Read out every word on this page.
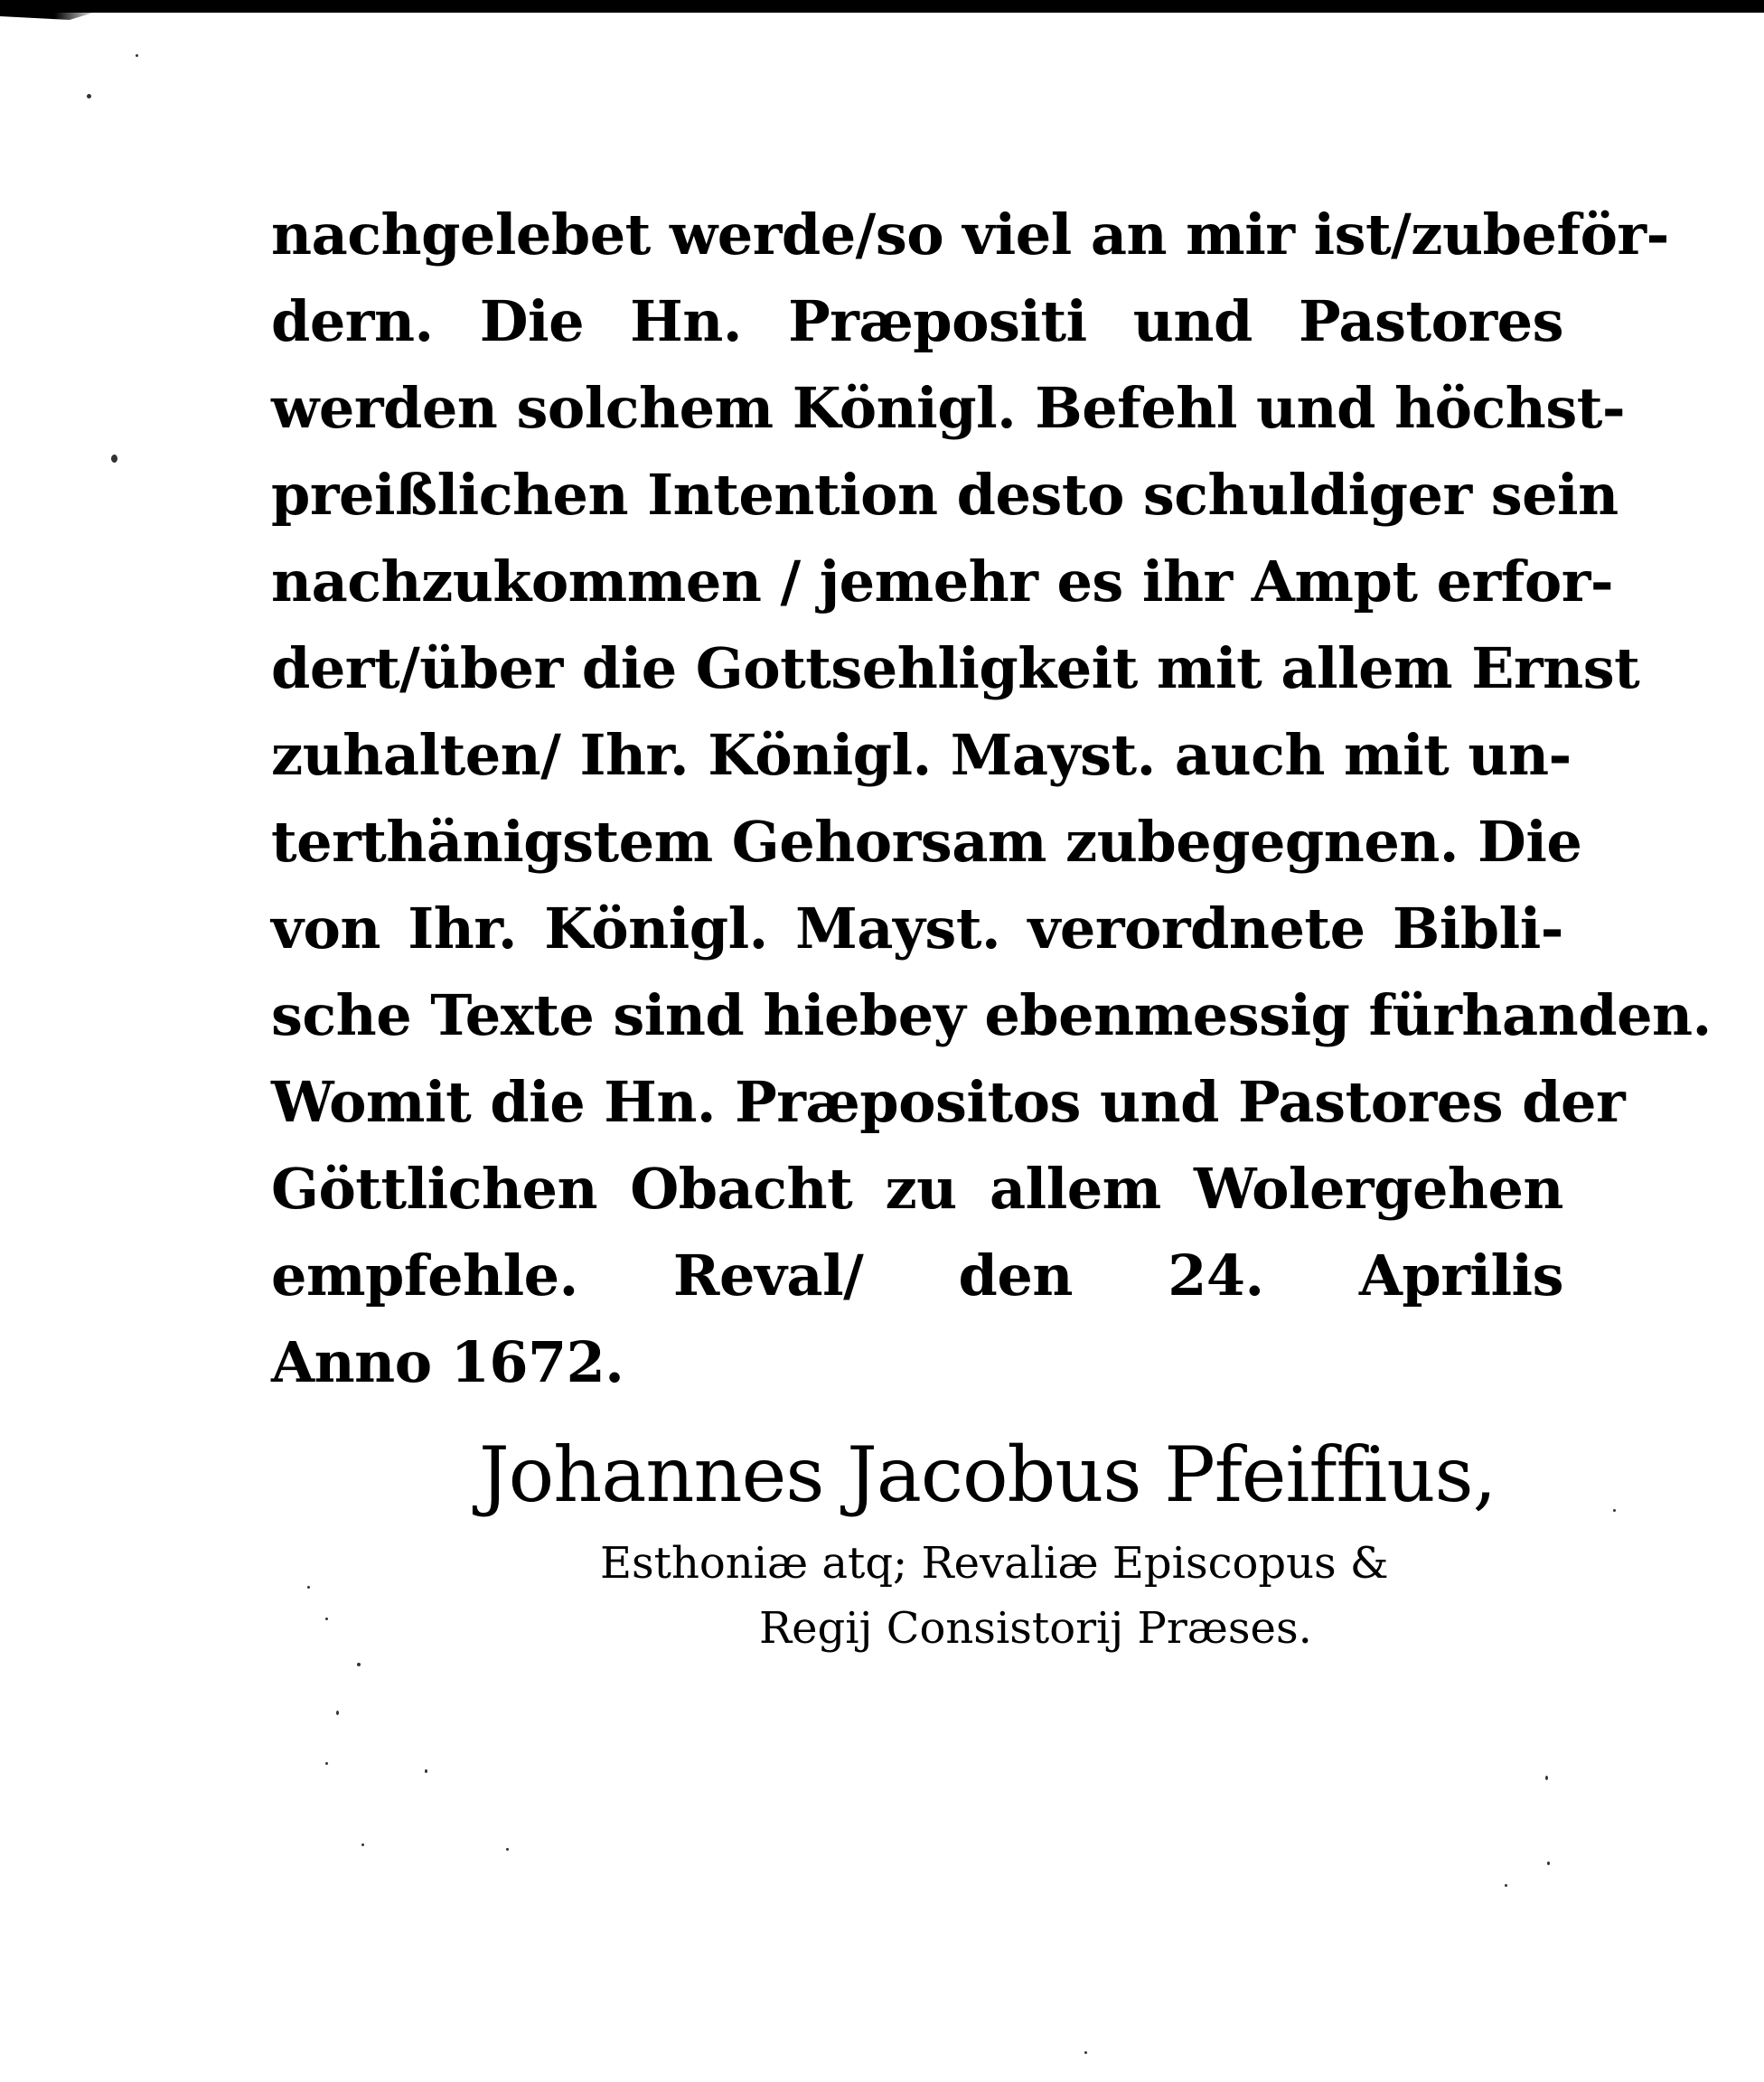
nachgelebet werde/so viel an mir ist/zubeför-
dern. Die Hn. Præpositi und Pastores
werden solchem Königl. Befehl und höchst-
preißlichen Intention desto schuldiger sein
nachzukommen / jemehr es ihr Ampt erfor-
dert/über die Gottsehligkeit mit allem Ernst
zuhalten/ Ihr. Königl. Mayst. auch mit un-
terthänigstem Gehorsam zubegegnen. Die
von Ihr. Königl. Mayst. verordnete Bibli-
sche Texte sind hiebey ebenmessig fürhanden.
Womit die Hn. Præpositos und Pastores der
Göttlichen Obacht zu allem Wolergehen
empfehle. Reval/ den 24. Aprilis
Anno 1672.
Johannes Jacobus Pfeiffius,
Esthoniæ atq; Revaliæ Episcopus &
Regij Consistorij Præses.
